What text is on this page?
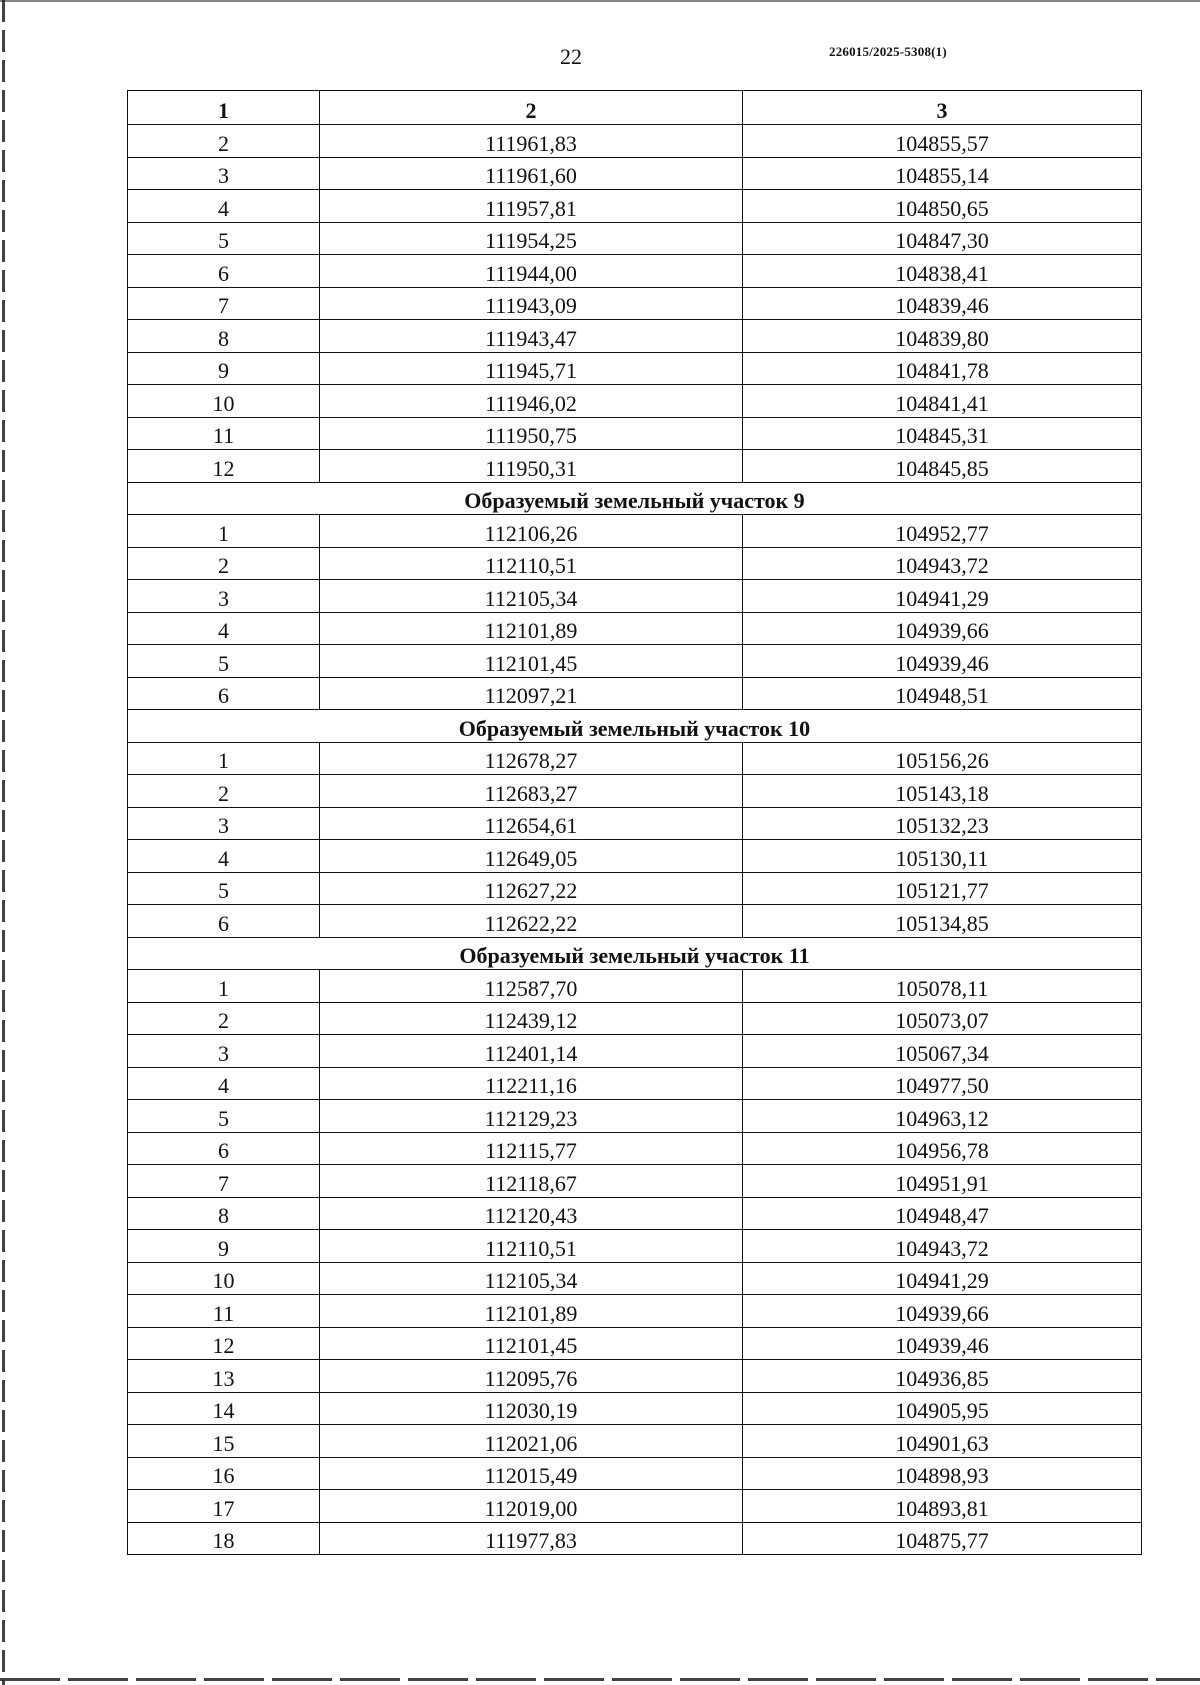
22	226015/2025-5308(1)
1	2	3
2	111961,83	104855,57
3	111961,60	104855,14
4	111957,81	104850,65
5	111954,25	104847,30
6	111944,00	104838,41
7	111943,09	104839,46
8	111943,47	104839,80
9	111945,71	104841,78
10	111946,02	104841,41
11	111950,75	104845,31
12	111950,31	104845,85
Образуемый земельный участок 9		
1	112106,26	104952,77
2	112110,51	104943,72
3	112105,34	104941,29
4	112101,89	104939,66
5	112101,45	104939,46
6	112097,21	104948,51
Образуемый земельный участок 10		
1	112678,27	105156,26
2	112683,27	105143,18
3	112654,61	105132,23
4	112649,05	105130,11
5	112627,22	105121,77
6	112622,22	105134,85
Образуемый земельный участок 11		
1	112587,70	105078,11
2	112439,12	105073,07
3	112401,14	105067,34
4	112211,16	104977,50
5	112129,23	104963,12
6	112115,77	104956,78
7	112118,67	104951,91
8	112120,43	104948,47
9	112110,51	104943,72
10	112105,34	104941,29
11	112101,89	104939,66
12	112101,45	104939,46
13	112095,76	104936,85
14	112030,19	104905,95
15	112021,06	104901,63
16	112015,49	104898,93
17	112019,00	104893,81
18	111977,83	104875,77
